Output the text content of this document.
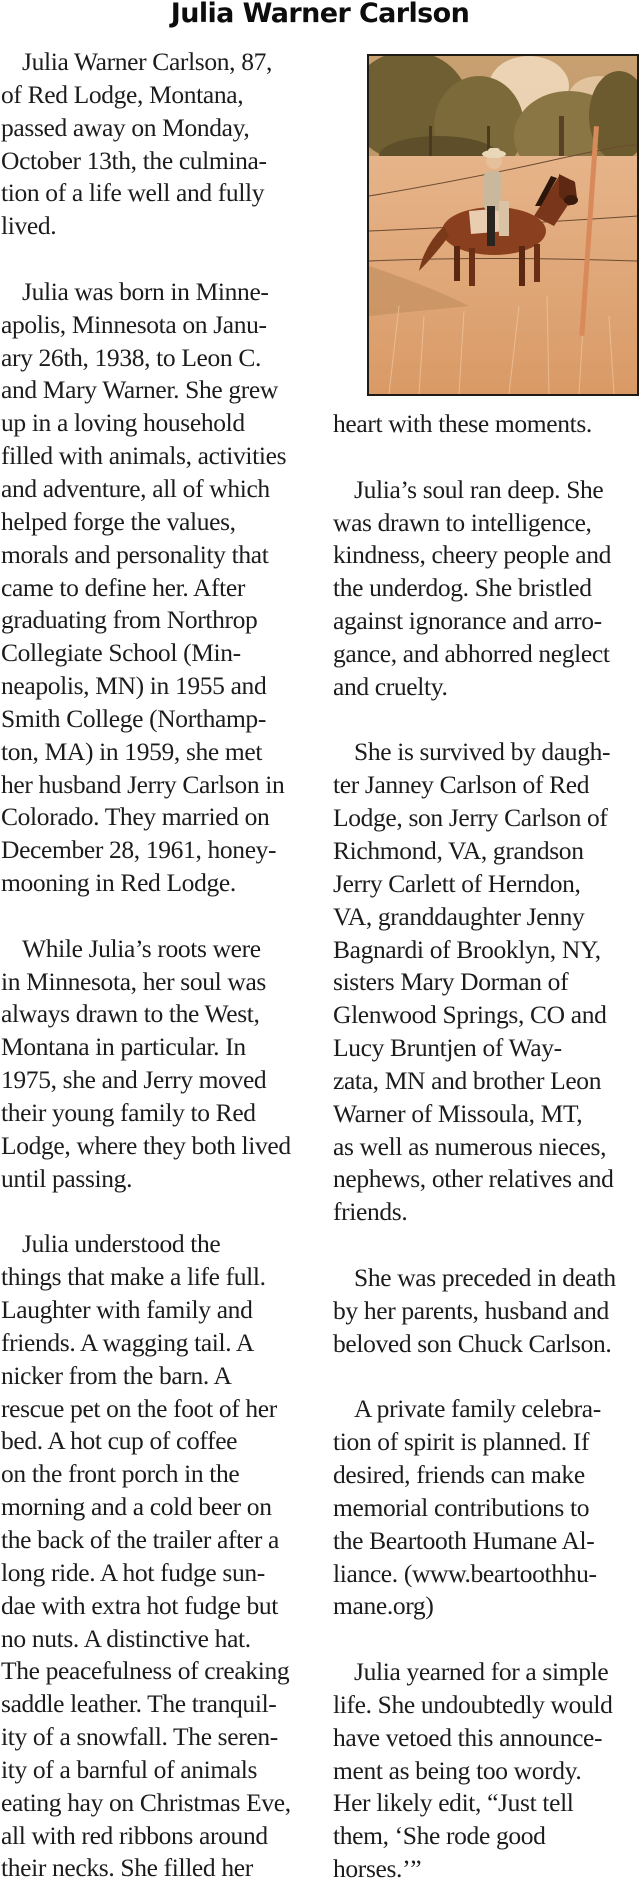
Julia Warner Carlson
Julia Warner Carlson, 87,
of Red Lodge, Montana,
passed away on Monday,
October 13th, the culmina-
tion of a life well and fully
lived.
Julia was born in Minne-
apolis, Minnesota on Janu-
ary 26th, 1938, to Leon C.
and Mary Warner. She grew
up in a loving household
filled with animals, activities
and adventure, all of which
helped forge the values,
morals and personality that
came to define her. After
graduating from Northrop
Collegiate School (Min-
neapolis, MN) in 1955 and
Smith College (Northamp-
ton, MA) in 1959, she met
her husband Jerry Carlson in
Colorado. They married on
December 28, 1961, honey-
mooning in Red Lodge.
While Julia’s roots were
in Minnesota, her soul was
always drawn to the West,
Montana in particular. In
1975, she and Jerry moved
their young family to Red
Lodge, where they both lived
until passing.
Julia understood the
things that make a life full.
Laughter with family and
friends. A wagging tail. A
nicker from the barn. A
rescue pet on the foot of her
bed. A hot cup of coffee
on the front porch in the
morning and a cold beer on
the back of the trailer after a
long ride. A hot fudge sun-
dae with extra hot fudge but
no nuts. A distinctive hat.
The peacefulness of creaking
saddle leather. The tranquil-
ity of a snowfall. The seren-
ity of a barnful of animals
eating hay on Christmas Eve,
all with red ribbons around
their necks. She filled her
heart with these moments.
Julia’s soul ran deep. She
was drawn to intelligence,
kindness, cheery people and
the underdog. She bristled
against ignorance and arro-
gance, and abhorred neglect
and cruelty.
She is survived by daugh-
ter Janney Carlson of Red
Lodge, son Jerry Carlson of
Richmond, VA, grandson
Jerry Carlett of Herndon,
VA, granddaughter Jenny
Bagnardi of Brooklyn, NY,
sisters Mary Dorman of
Glenwood Springs, CO and
Lucy Bruntjen of Way-
zata, MN and brother Leon
Warner of Missoula, MT,
as well as numerous nieces,
nephews, other relatives and
friends.
She was preceded in death
by her parents, husband and
beloved son Chuck Carlson.
A private family celebra-
tion of spirit is planned. If
desired, friends can make
memorial contributions to
the Beartooth Humane Al-
liance. (www.beartoothhu-
mane.org)
Julia yearned for a simple
life. She undoubtedly would
have vetoed this announce-
ment as being too wordy.
Her likely edit, “Just tell
them, ‘She rode good
horses.’”
